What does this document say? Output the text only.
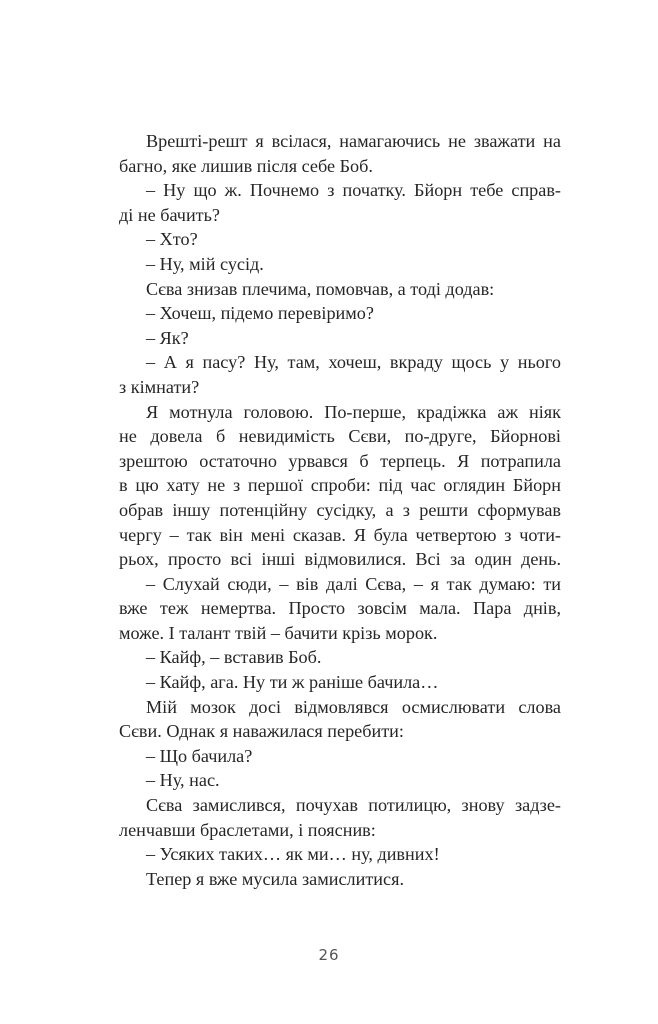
Врешті-решт я всілася, намагаючись не зважати на
багно, яке лишив після себе Боб.
– Ну що ж. Почнемо з початку. Бйорн тебе справ-
ді не бачить?
– Хто?
– Ну, мій сусід.
Сєва знизав плечима, помовчав, а тоді додав:
– Хочеш, підемо перевіримо?
– Як?
– А я пасу? Ну, там, хочеш, вкраду щось у нього
з кімнати?
Я мотнула головою. По-перше, крадіжка аж ніяк
не довела б невидимість Сєви, по-друге, Бйорнові
зрештою остаточно урвався б терпець. Я потрапила
в цю хату не з першої спроби: під час оглядин Бйорн
обрав іншу потенційну сусідку, а з решти сформував
чергу – так він мені сказав. Я була четвертою з чоти-
рьох, просто всі інші відмовилися. Всі за один день.
– Слухай сюди, – вів далі Сєва, – я так думаю: ти
вже теж немертва. Просто зовсім мала. Пара днів,
може. І талант твій – бачити крізь морок.
– Кайф, – вставив Боб.
– Кайф, ага. Ну ти ж раніше бачила…
Мій мозок досі відмовлявся осмислювати слова
Сєви. Однак я наважилася перебити:
– Що бачила?
– Ну, нас.
Сєва замислився, почухав потилицю, знову задзе-
ленчавши браслетами, і пояснив:
– Усяких таких… як ми… ну, дивних!
Тепер я вже мусила замислитися.
26
